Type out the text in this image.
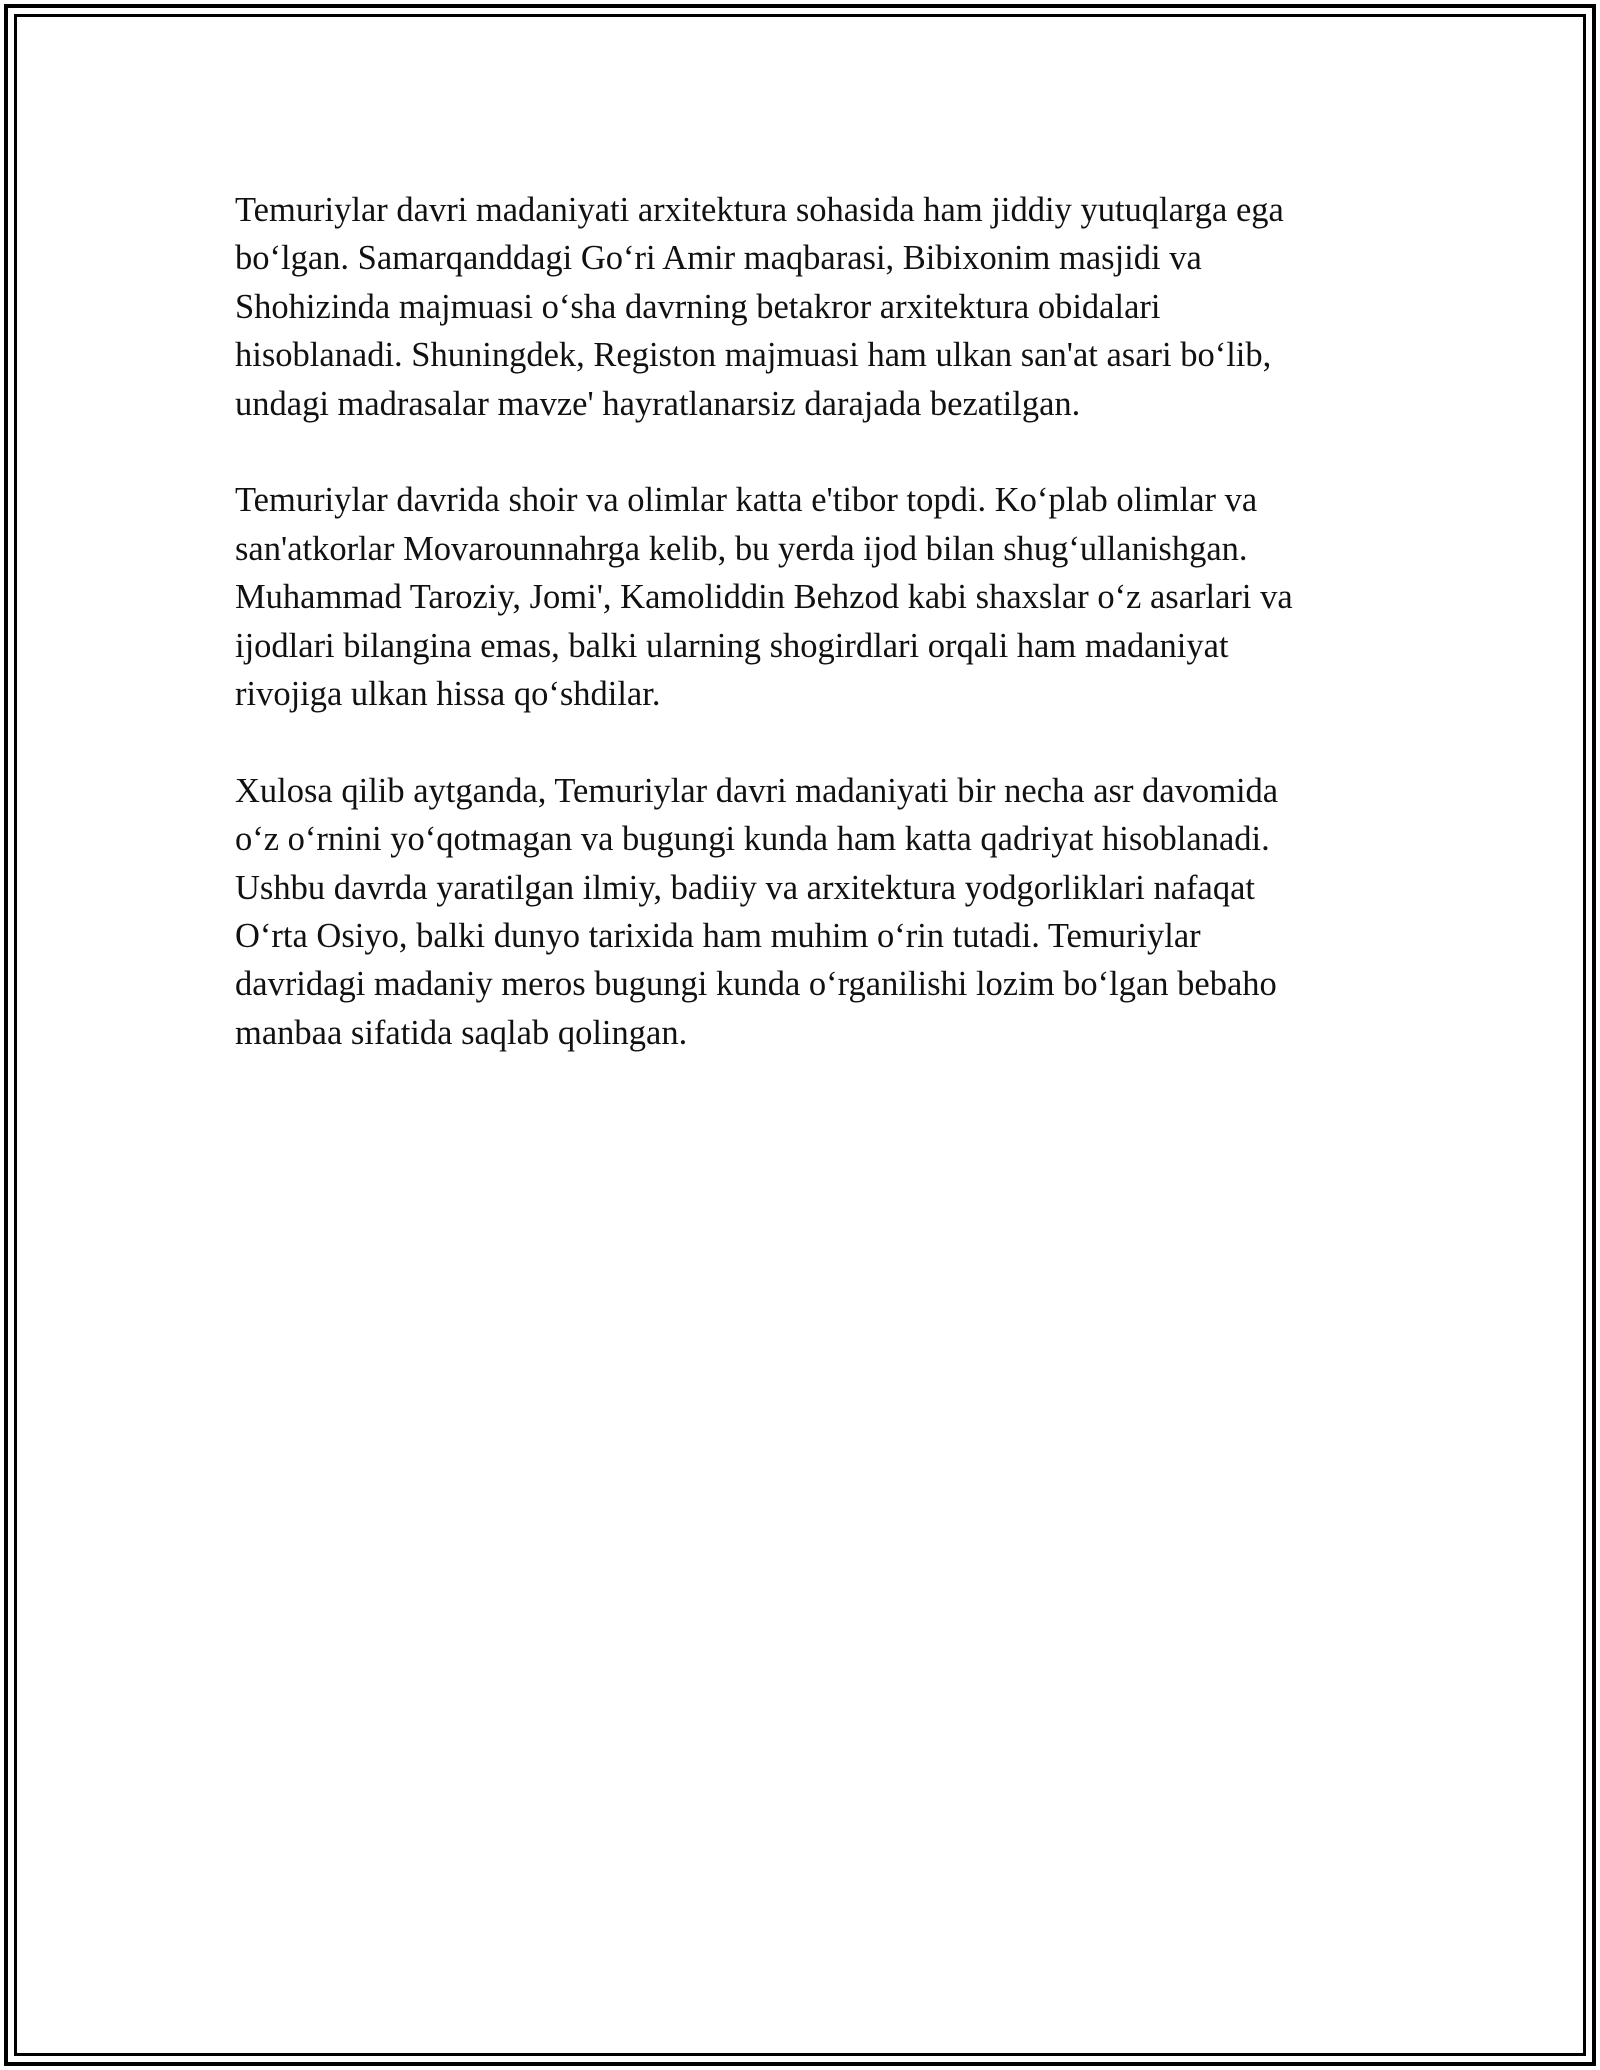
Temuriylar davri madaniyati arxitektura sohasida ham jiddiy yutuqlarga ega
bo‘lgan. Samarqanddagi Go‘ri Amir maqbarasi, Bibixonim masjidi va
Shohizinda majmuasi o‘sha davrning betakror arxitektura obidalari
hisoblanadi. Shuningdek, Registon majmuasi ham ulkan san'at asari bo‘lib,
undagi madrasalar mavze' hayratlanarsiz darajada bezatilgan.

Temuriylar davrida shoir va olimlar katta e'tibor topdi. Ko‘plab olimlar va
san'atkorlar Movarounnahrga kelib, bu yerda ijod bilan shug‘ullanishgan.
Muhammad Taroziy, Jomi', Kamoliddin Behzod kabi shaxslar o‘z asarlari va
ijodlari bilangina emas, balki ularning shogirdlari orqali ham madaniyat
rivojiga ulkan hissa qo‘shdilar.

Xulosa qilib aytganda, Temuriylar davri madaniyati bir necha asr davomida
o‘z o‘rnini yo‘qotmagan va bugungi kunda ham katta qadriyat hisoblanadi.
Ushbu davrda yaratilgan ilmiy, badiiy va arxitektura yodgorliklari nafaqat
O‘rta Osiyo, balki dunyo tarixida ham muhim o‘rin tutadi. Temuriylar
davridagi madaniy meros bugungi kunda o‘rganilishi lozim bo‘lgan bebaho
manbaa sifatida saqlab qolingan.
